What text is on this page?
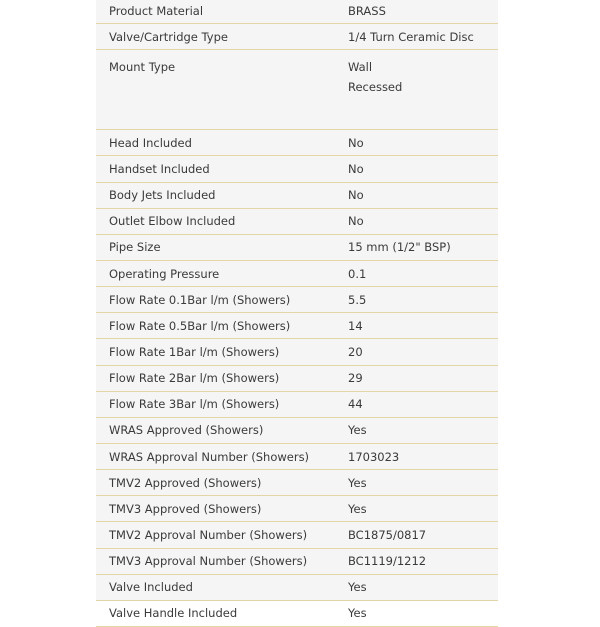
Product Material	BRASS
Valve/Cartridge Type	1/4 Turn Ceramic Disc
Mount Type	Wall
Recessed
Head Included	No
Handset Included	No
Body Jets Included	No
Outlet Elbow Included	No
Pipe Size	15 mm (1/2" BSP)
Operating Pressure	0.1
Flow Rate 0.1Bar l/m (Showers)	5.5
Flow Rate 0.5Bar l/m (Showers)	14
Flow Rate 1Bar l/m (Showers)	20
Flow Rate 2Bar l/m (Showers)	29
Flow Rate 3Bar l/m (Showers)	44
WRAS Approved (Showers)	Yes
WRAS Approval Number (Showers)	1703023
TMV2 Approved (Showers)	Yes
TMV3 Approved (Showers)	Yes
TMV2 Approval Number (Showers)	BC1875/0817
TMV3 Approval Number (Showers)	BC1119/1212
Valve Included	Yes
Valve Handle Included	Yes
